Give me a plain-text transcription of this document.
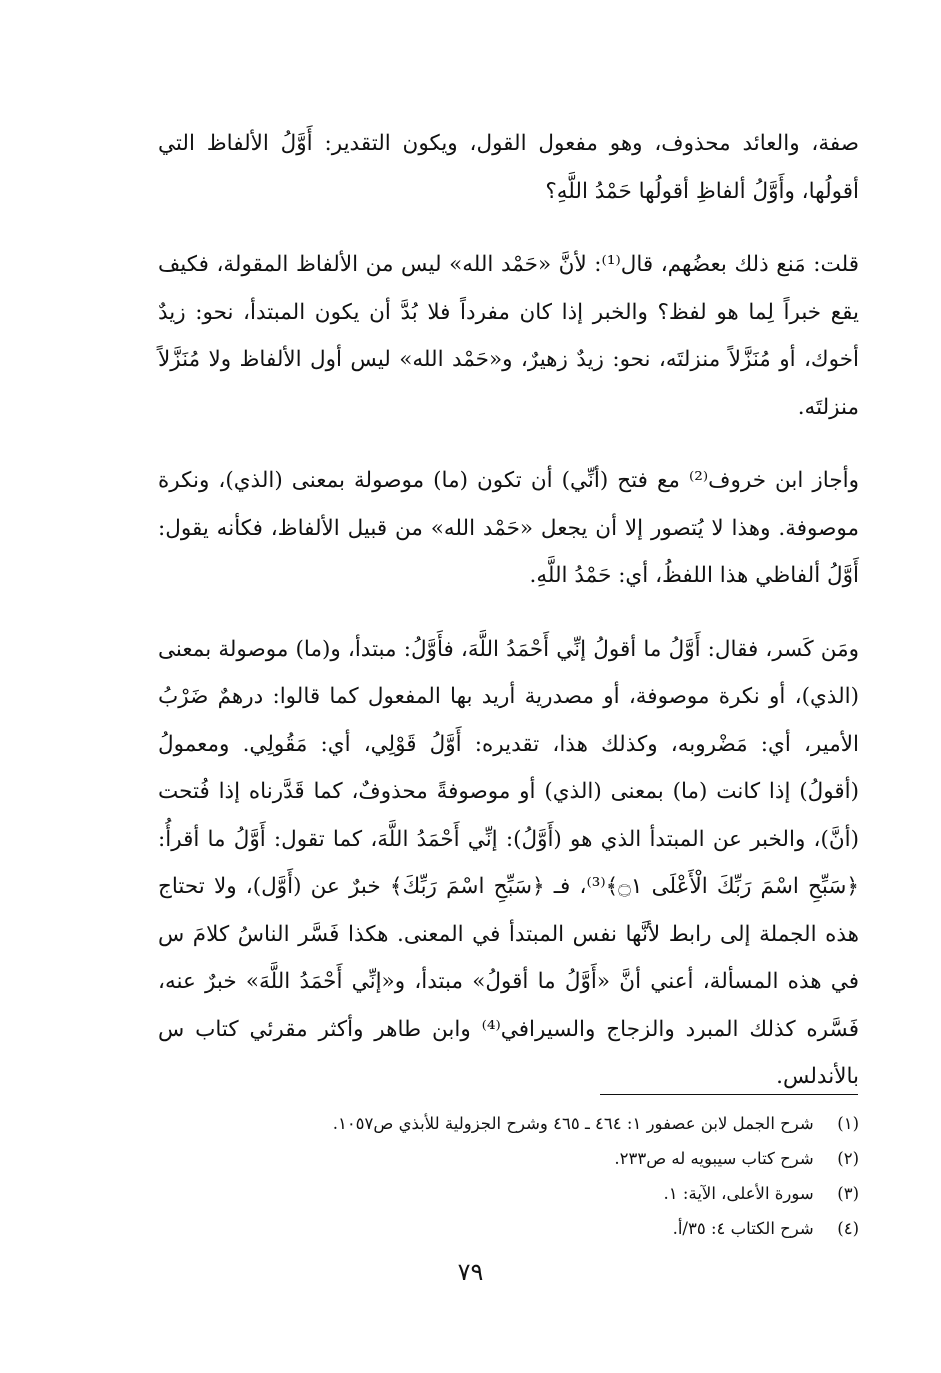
صفة، والعائد محذوف، وهو مفعول القول، ويكون التقدير: أَوَّلُ الألفاظ التي أقولُها، وأَوَّلُ ألفاظِ أقولُها حَمْدُ اللَّهِ؟

قلت: مَنع ذلك بعضُهم، قال⁽¹⁾: لأنَّ «حَمْد الله» ليس من الألفاظ المقولة، فكيف يقع خبراً لِما هو لفظ؟ والخبر إذا كان مفرداً فلا بُدَّ أن يكون المبتدأ، نحو: زيدٌ أخوك، أو مُنَزَّلاً منزلتَه، نحو: زيدٌ زهيرٌ، و«حَمْد الله» ليس أول الألفاظ ولا مُنَزَّلاً منزلتَه.

وأجاز ابن خروف⁽²⁾ مع فتح (أنِّي) أن تكون (ما) موصولة بمعنى (الذي)، ونكرة موصوفة. وهذا لا يُتصور إلا أن يجعل «حَمْد الله» من قبيل الألفاظ، فكأنه يقول: أَوَّلُ ألفاظي هذا اللفظُ، أي: حَمْدُ اللَّهِ.

ومَن كَسر، فقال: أَوَّلُ ما أقولُ إنِّي أَحْمَدُ اللَّهَ، فأَوَّلُ: مبتدأ، و(ما) موصولة بمعنى (الذي)، أو نكرة موصوفة، أو مصدرية أريد بها المفعول كما قالوا: درهمٌ ضَرْبُ الأمير، أي: مَضْروبه، وكذلك هذا، تقديره: أَوَّلُ قَوْلِي، أي: مَقُولِي. ومعمولُ (أقولُ) إذا كانت (ما) بمعنى (الذي) أو موصوفةً محذوفٌ، كما قَدَّرناه إذا فُتحت (أنَّ)، والخبر عن المبتدأ الذي هو (أَوَّلُ): إنِّي أَحْمَدُ اللَّهَ، كما تقول: أَوَّلُ ما أقرأُ: ﴿سَبِّحِ اسْمَ رَبِّكَ الْأَعْلَى ۝١﴾⁽³⁾، فـ ﴿سَبِّحِ اسْمَ رَبِّكَ﴾ خبرٌ عن (أَوَّل)، ولا تحتاج هذه الجملة إلى رابط لأنَّها نفس المبتدأ في المعنى. هكذا فَسَّر الناسُ كلامَ س في هذه المسألة، أعني أنَّ «أَوَّلُ ما أقولُ» مبتدأ، و«إنِّي أَحْمَدُ اللَّهَ» خبرٌ عنه، فَسَّره كذلك المبرد والزجاج والسيرافي⁽⁴⁾ وابن طاهر وأكثر مقرئي كتاب س بالأندلس.

(١) شرح الجمل لابن عصفور ١: ٤٦٤ ـ ٤٦٥ وشرح الجزولية للأبذي ص١٠٥٧.
(٢) شرح كتاب سيبويه له ص٢٣٣.
(٣) سورة الأعلى، الآية: ١.
(٤) شرح الكتاب ٤: ٣٥/أ.
٧٩
